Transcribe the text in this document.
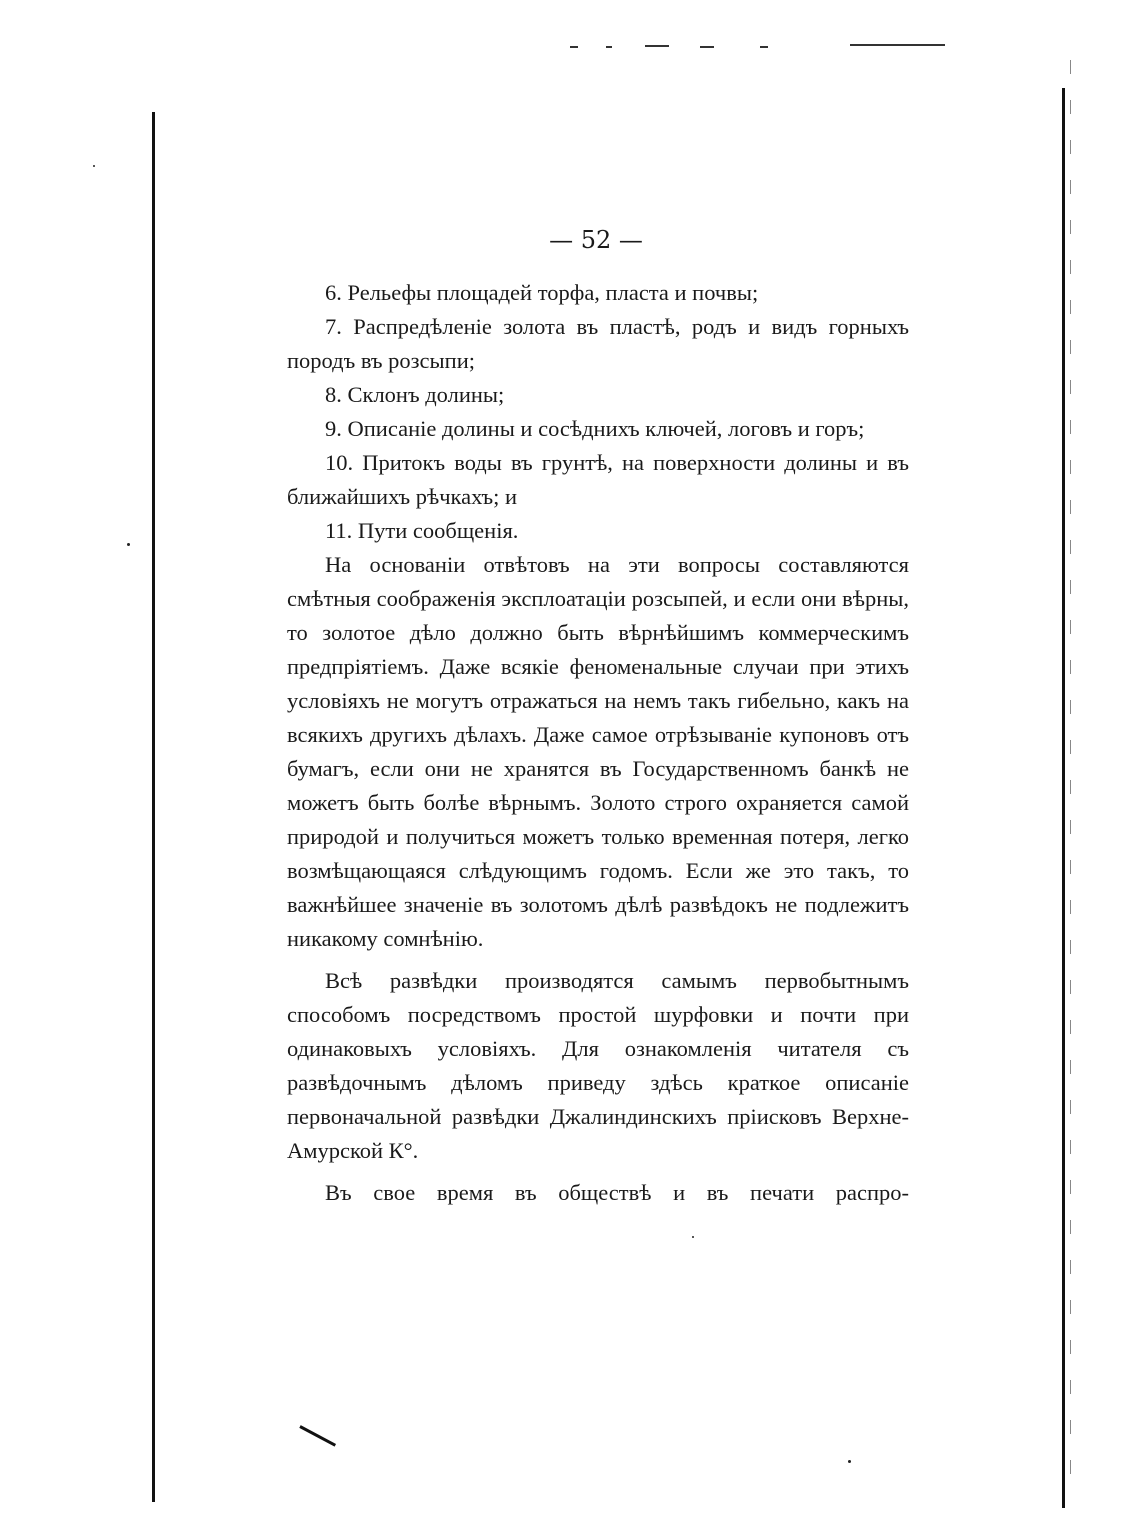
— 52 —

6. Рельефы площадей торфа, пласта и почвы;

7. Распредѣленіе золота въ пластѣ, родъ и видъ горныхъ породъ въ розсыпи;

8. Склонъ долины;

9. Описаніе долины и сосѣднихъ ключей, логовъ и горъ;

10. Притокъ воды въ грунтѣ, на поверхности долины и въ ближайшихъ рѣчкахъ; и

11. Пути сообщенія.

На основаніи отвѣтовъ на эти вопросы составляются смѣтныя соображенія эксплоатаціи розсыпей, и если они вѣрны, то золотое дѣло должно быть вѣрнѣйшимъ коммерческимъ предпріятіемъ. Даже всякіе феноменальные случаи при этихъ условіяхъ не могутъ отражаться на немъ такъ гибельно, какъ на всякихъ другихъ дѣлахъ. Даже самое отрѣзываніе купоновъ отъ бумагъ, если они не хранятся въ Государственномъ банкѣ не можетъ быть болѣе вѣрнымъ. Золото строго охраняется самой природой и получиться можетъ только временная потеря, легко возмѣщающаяся слѣдующимъ годомъ. Если же это такъ, то важнѣйшее значеніе въ золотомъ дѣлѣ развѣдокъ не подлежитъ никакому сомнѣнію.

Всѣ развѣдки производятся самымъ первобытнымъ способомъ посредствомъ простой шурфовки и почти при одинаковыхъ условіяхъ. Для ознакомленія читателя съ развѣдочнымъ дѣломъ приведу здѣсь краткое описаніе первоначальной развѣдки Джалиндинскихъ пріисковъ Верхне-Амурской К°.

Въ свое время въ обществѣ и въ печати распро-
